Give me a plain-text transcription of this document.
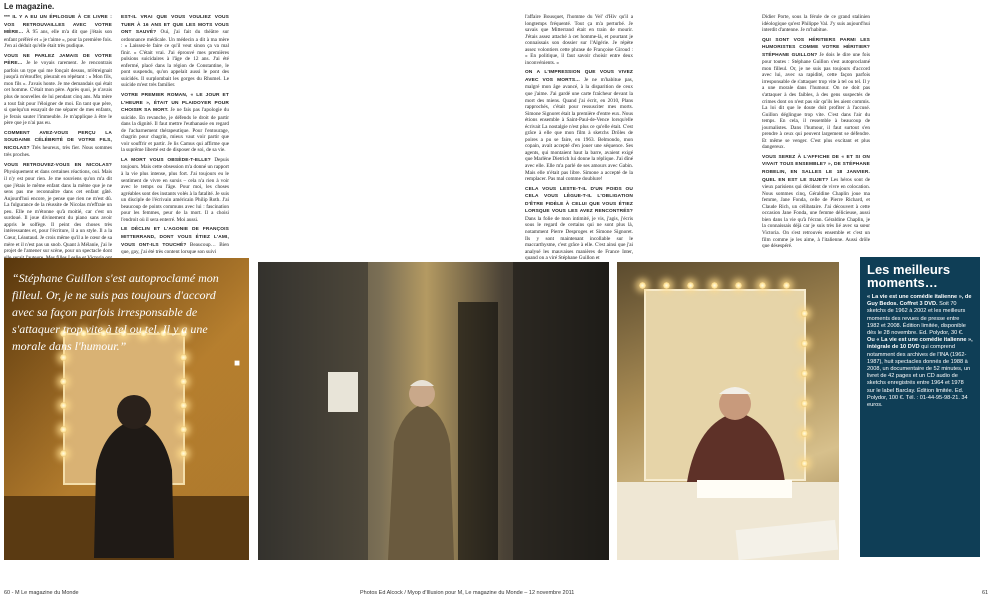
Le magazine.

*** IL Y A EU UN ÉPILOGUE À CE LIVRE : VOS RETROUVAILLES AVEC VOTRE MÈRE… À 95 ans, elle m'a dit que j'étais son enfant préféré et « je t'aime », pour la première fois. J'en ai déduit qu'elle était très pudique.

VOUS NE PARLEZ JAMAIS DE VOTRE PÈRE… Je le voyais rarement. Je rencontrais parfois un type qui me fonçait dessus, m'étreignait jusqu'à m'étouffer, pleurait en répétant : « Mon fils, mon fils ». J'avais honte. Je me demandais qui était cet homme. C'était mon père. Après quoi, je n'avais plus de nouvelles de lui pendant cinq ans. Ma mère a tout fait pour l'éloigner de moi. En tant que père, si quelqu'un essayait de me séparer de mes enfants, je ferais sauter l'immeuble. Je m'applique à être le père que je n'ai pas eu.

COMMENT AVEZ-VOUS PERÇU LA SOUDAINE CÉLÉBRITÉ DE VOTRE FILS, NICOLAS? Très heureux, très fier. Nous sommes très proches.

VOUS RETROUVEZ-VOUS EN NICOLAS? Physiquement et dans certaines réactions, oui. Mais il n'y est pour rien. Je me souviens qu'on m'a dit que j'étais le même enfant dans la même que je ne sens pas me reconnaître dans cet enfant gâté. Aujourd'hui encore, je pense que rien ne m'est dû. La fulgurance de la réussite de Nicolas m'effraie un peu. Elle ne m'étonne qu'à moitié, car c'est un surdoué. Il joue divinement du piano sans avoir appris le solfège. Il peint des choses très intéressantes et, pour l'écriture, il a un style. Il a la Cœur, Léautaud. Je crois même qu'il a le cœur de sa mère et il n'est pas un snob. Quant à Mélanie, j'ai le projet de l'amener sur scène, pour un spectacle dont

EST-IL VRAI QUE VOUS VOULIEZ VOUS TUER À 16 ANS ET QUE LES MOTS VOUS ONT SAUVÉ? Oui, j'ai fait du théâtre sur ordonnance médicale. Un médecin a dit à ma mère : « Laissez-le faire ce qu'il veut sinon ça va mal finir. » C'était vrai. J'ai éprouvé mes premières pulsions suicidaires à l'âge de 12 ans. J'ai été enfermé, placé dans la région de Constantine, le pont suspendu, qu'on appelait aussi le pont des suicidés. Il surplombait les gorges du Rhumel. Le suicide m'est très familier.

VOTRE PREMIER ROMAN, « LE JOUR ET L'HEURE », ÉTAIT UN PLAIDOYER POUR CHOISIR SA MORT. Je ne fais pas l'apologie du suicide. En revanche, je défends le droit de partir dans la dignité. Il faut mettre l'euthanasie en regard de l'acharnement thérapeutique. Pour l'entourage, chagrin pour chagrin, mieux vaut voir partir que voir souffrir et partir. Je lis Camus qui affirme que la suprême liberté est de disposer de soi, de sa vie.

LA MORT VOUS OBSÈDE-T-ELLE? Depuis toujours. Mais cette obsession m'a donné un rapport à la vie plus intense, plus fort. J'ai toujours eu le sentiment de vivre en sursis – cela n'a rien à voir avec le temps ou l'âge. Pour moi, les choses agréables sont des instants volés à la fatalité. Je suis un disciple de l'écrivain américain Philip Roth. J'ai beaucoup de points communs avec lui : fascination pour les femmes, peur de la mort. Il a choisi l'endroit où il sera enterré. Moi aussi.

LE DÉCLIN ET L'AGONIE DE FRANÇOIS MITTERRAND, DONT VOUS ÉTIEZ L'AMI, VOUS ONT-ILS TOUCHÉ? Beaucoup… Bien que, gay, j'ai été très content lorsque son suivi

l'affaire Bousquet, l'homme du Vel' d'Hiv qu'il a longtemps fréquenté. Tout ça m'a perturbé. Je savais que Mitterrand était en train de mourir. J'étais assez attaché à cet homme-là, et pourtant je connaissais son dossier sur l'Algérie. Je répète assez volontiers cette phrase de Françoise Giroud : « En politique, il faut savoir choisir entre deux inconvénients. »

ON A L'IMPRESSION QUE VOUS VIVEZ AVEC VOS MORTS… Je ne m'habitue pas, malgré mon âge avancé, à la disparition de ceux que j'aime. J'ai gardé une carte fraîcheur devant la mort des miens. Quand j'ai écrit, en 2010, Plans rapprochés, c'était pour ressusciter mes morts. Simone Signoret était la première d'entre eux. Nous étions ensemble à Saint-Paul-de-Vence lorsqu'elle écrivait La nostalgie n'est plus ce qu'elle était. C'est grâce à elle que mon film à sketchs Drôles de poires a pu se faire, en 1963. Belmondo, mon copain, avait accepté d'en jouer une séquence. Ses agents, qui montaient haut la barre, avaient exigé que Marlène Dietrich lui donne la réplique. J'ai dîné avec elle. Elle m'a parlé de ses amours avec Gabin. Mais elle n'était pas libre. Simone a accepté de la remplacer. Pas mal comme doublure!

CELA VOUS LESTE-T-IL D'UN POIDS OU CELA VOUS LÈGUE-T-IL L'OBLIGATION D'ÊTRE FIDÈLE À CELUI QUE VOUS ÉTIEZ LORSQUE VOUS LES AVEZ RENCONTRÉS? Dans la folie de mon intimité, je vis, j'agis, j'écris sous le regard de certains qui ne sont plus là, notamment Pierre Desproges et Simone Signoret. Ils y sont maintenant incollable sur le maccarthysme, c'est grâce à elle. C'est ainsi que j'ai analysé les mauvaises manières de France Inter, quand on a viré Stéphane Guillon et

Didier Porte, sous la férule de ce grand stalinien idéologique qu'est Philippe Val. J'y suis aujourd'hui interdit d'antenne. Je m'habitue.

QUI SONT VOS HÉRITIERS PARMI LES HUMORISTES COMME VOTRE HÉRITIER? STÉPHANE GUILLON? Je dois le dire une fois pour toutes : Stéphane Guillon s'est autoproclamé mon filleul. Or, je ne suis pas toujours d'accord avec lui, avec sa rapidité, cette façon parfois irresponsable de s'attaquer trop vite à tel ou tel. Il y a une morale dans l'humour. On ne doit pas s'attaquer à des faibles, à des gens suspectés de crimes dont on n'est pas sûr qu'ils les aient commis. La loi dit que le doute doit profiter à l'accusé. Guillon déglingue trop vite. C'est dans l'air du temps. En cela, il ressemble à beaucoup de journalistes. Dans l'humour, il faut surtout s'en prendre à ceux qui peuvent largement se défendre. Et même se venger. C'est plus excitant et plus dangereux.

VOUS SEREZ À L'AFFICHE DE « ET SI ON VIVAIT TOUS ENSEMBLE? », DE STÉPHANE ROBELIN, EN SALLES LE 18 JANVIER. QUEL EN EST LE SUJET? Les héros sont de vieux parisiens qui décident de vivre en colocation. Nous sommes cinq, Géraldine Chaplin joue ma femme, Jane Fonda, celle de Pierre Richard, et Claude Rich, un célibataire. J'ai découvert à cette occasion Jane Fonda, une femme délicieuse, aussi bien dans la vie qu'à l'écran. Géraldine Chaplin, je la connaissais déjà car je suis très lié avec sa sœur Victoria. On s'est retrouvés ensemble et c'est un film comme je les aime, à l'italienne. Aussi drôle que désespéré.

“Stéphane Guillon s'est autoproclamé mon filleul. Or, je ne suis pas toujours d'accord avec sa façon parfois irresponsable de s'attaquer trop vite à tel ou tel. Il y a une morale dans l'humour.”
■
Les meilleurs moments…
« La vie est une comédie italienne », de Guy Bedos. Coffret 3 DVD. Soit 70 sketchs de 1962 à 2002 et les meilleurs moments des revues de presse entre 1982 et 2008. Édition limitée, disponible dès le 28 novembre. Ed. Polydor, 30 €.
Ou « La vie est une comédie italienne », intégrale de 10 DVD qui comprend notamment des archives de l'INA (1962-1987), huit spectacles donnés de 1988 à 2008, un documentaire de 52 minutes, un livret de 42 pages et un CD audio de sketchs enregistrés entre 1964 et 1978 sur le label Barclay. Édition limitée. Ed. Polydor, 100 €. Tél. : 01-44-95-98-21. 34 euros.
60 - M Le magazine du Monde	Photos Ed Alcock / Myop d'Illusion pour M, Le magazine du Monde – 12 novembre 2011	61
